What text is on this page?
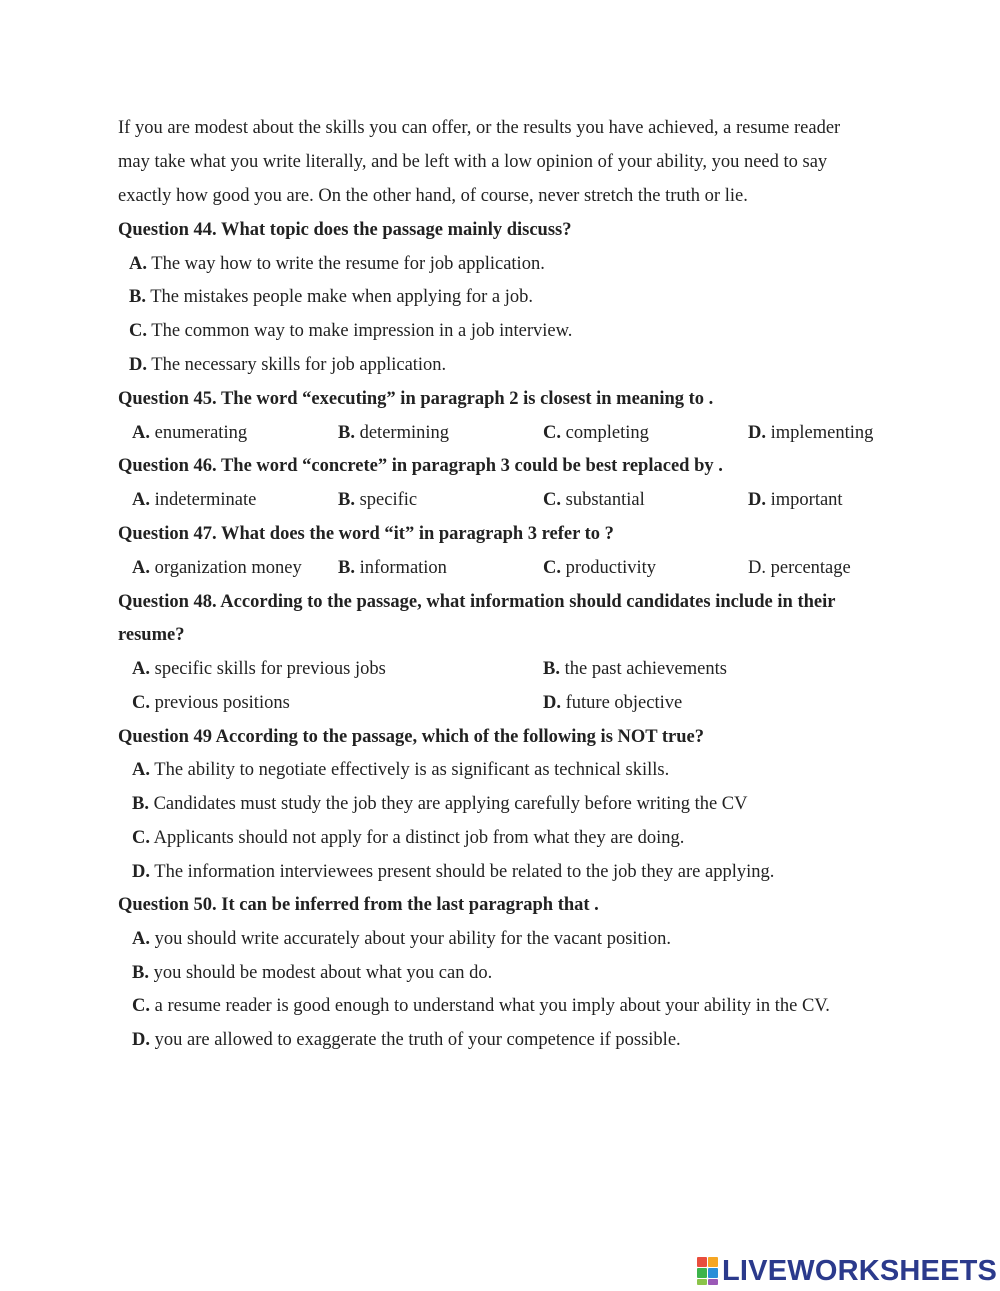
If you are modest about the skills you can offer, or the results you have achieved, a resume reader
may take what you write literally, and be left with a low opinion of your ability, you need to say
exactly how good you are. On the other hand, of course, never stretch the truth or lie.
Question 44. What topic does the passage mainly discuss?
A. The way how to write the resume for job application.
B. The mistakes people make when applying for a job.
C. The common way to make impression in a job interview.
D. The necessary skills for job application.
Question 45. The word “executing” in paragraph 2 is closest in meaning to .
A. enumerating	B. determining	C. completing	D. implementing
Question 46. The word “concrete” in paragraph 3 could be best replaced by .
A. indeterminate	B. specific	C. substantial	D. important
Question 47. What does the word “it” in paragraph 3 refer to ?
A. organization money B. information	C. productivity	D. percentage
Question 48. According to the passage, what information should candidates include in their
resume?
A. specific skills for previous jobs	B. the past achievements
C. previous positions	D. future objective
Question 49 According to the passage, which of the following is NOT true?
A. The ability to negotiate effectively is as significant as technical skills.
B. Candidates must study the job they are applying carefully before writing the CV
C. Applicants should not apply for a distinct job from what they are doing.
D. The information interviewees present should be related to the job they are applying.
Question 50. It can be inferred from the last paragraph that .
A. you should write accurately about your ability for the vacant position.
B. you should be modest about what you can do.
C. a resume reader is good enough to understand what you imply about your ability in the CV.
D. you are allowed to exaggerate the truth of your competence if possible.
LIVEWORKSHEETS
